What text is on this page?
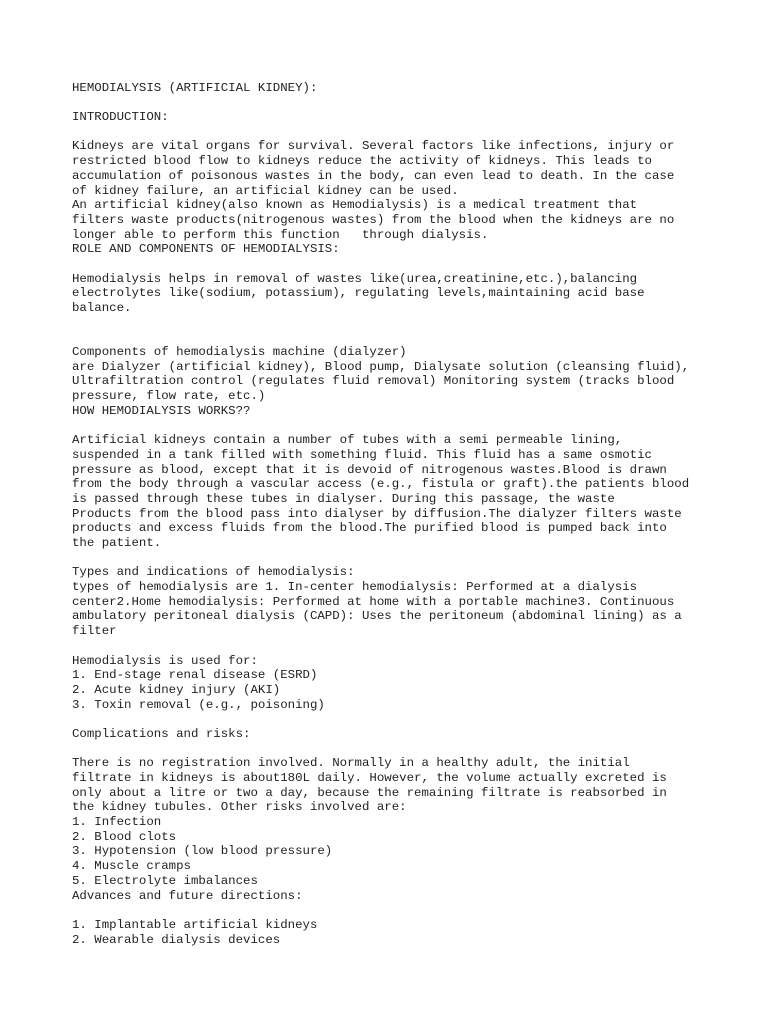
HEMODIALYSIS (ARTIFICIAL KIDNEY):
INTRODUCTION:
Kidneys are vital organs for survival. Several factors like infections, injury or
restricted blood flow to kidneys reduce the activity of kidneys. This leads to
accumulation of poisonous wastes in the body, can even lead to death. In the case
of kidney failure, an artificial kidney can be used.
An artificial kidney(also known as Hemodialysis) is a medical treatment that
filters waste products(nitrogenous wastes) from the blood when the kidneys are no
longer able to perform this function   through dialysis.
ROLE AND COMPONENTS OF HEMODIALYSIS:
Hemodialysis helps in removal of wastes like(urea,creatinine,etc.),balancing
electrolytes like(sodium, potassium), regulating levels,maintaining acid base
balance.
Components of hemodialysis machine (dialyzer)
are Dialyzer (artificial kidney), Blood pump, Dialysate solution (cleansing fluid),
Ultrafiltration control (regulates fluid removal) Monitoring system (tracks blood
pressure, flow rate, etc.)
HOW HEMODIALYSIS WORKS??
Artificial kidneys contain a number of tubes with a semi permeable lining,
suspended in a tank filled with something fluid. This fluid has a same osmotic
pressure as blood, except that it is devoid of nitrogenous wastes.Blood is drawn
from the body through a vascular access (e.g., fistula or graft).the patients blood
is passed through these tubes in dialyser. During this passage, the waste
Products from the blood pass into dialyser by diffusion.The dialyzer filters waste
products and excess fluids from the blood.The purified blood is pumped back into
the patient.
Types and indications of hemodialysis:
types of hemodialysis are 1. In-center hemodialysis: Performed at a dialysis
center2.Home hemodialysis: Performed at home with a portable machine3. Continuous
ambulatory peritoneal dialysis (CAPD): Uses the peritoneum (abdominal lining) as a
filter
Hemodialysis is used for:
1. End-stage renal disease (ESRD)
2. Acute kidney injury (AKI)
3. Toxin removal (e.g., poisoning)
Complications and risks:
There is no registration involved. Normally in a healthy adult, the initial
filtrate in kidneys is about180L daily. However, the volume actually excreted is
only about a litre or two a day, because the remaining filtrate is reabsorbed in
the kidney tubules. Other risks involved are:
1. Infection
2. Blood clots
3. Hypotension (low blood pressure)
4. Muscle cramps
5. Electrolyte imbalances
Advances and future directions:
1. Implantable artificial kidneys
2. Wearable dialysis devices
